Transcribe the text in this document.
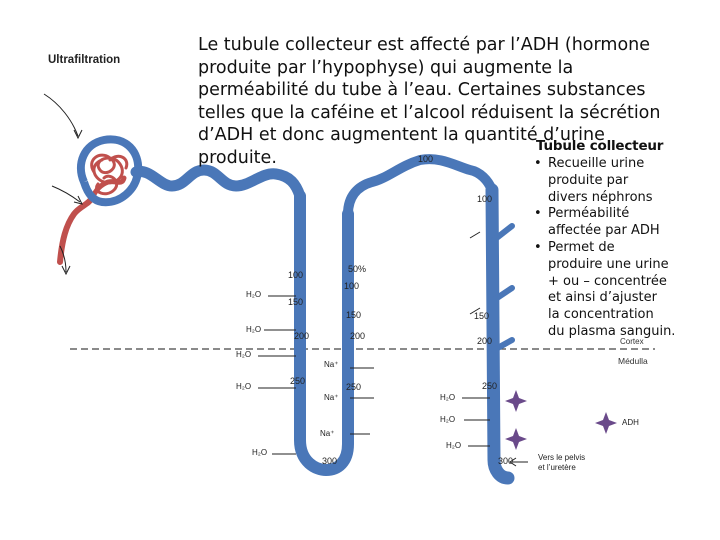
Ultrafiltration
Cortex
Médulla
H₂O
H₂O
H₂O
H₂O
H₂O
H₂O
H₂O
H₂O
Na⁺
Na⁺
Na⁺
100
100
100
50%
100
150
150	150
200	200	200
250
250	250
300	300
ADH
Vers le pelvis et l’uretère
Le tubule collecteur est affecté par l’ADH (hormone
produite par l’hypophyse) qui augmente la
perméabilité du tube à l’eau. Certaines substances
telles que la caféine et l’alcool réduisent la sécrétion
d’ADH et donc augmentent la quantité d’urine
produite.
Tubule collecteur
• Recueille urine
produite par
divers néphrons
• Perméabilité
affectée par ADH
• Permet de
produire une urine
+ ou – concentrée
et ainsi d’ajuster
la concentration
du plasma sanguin.
